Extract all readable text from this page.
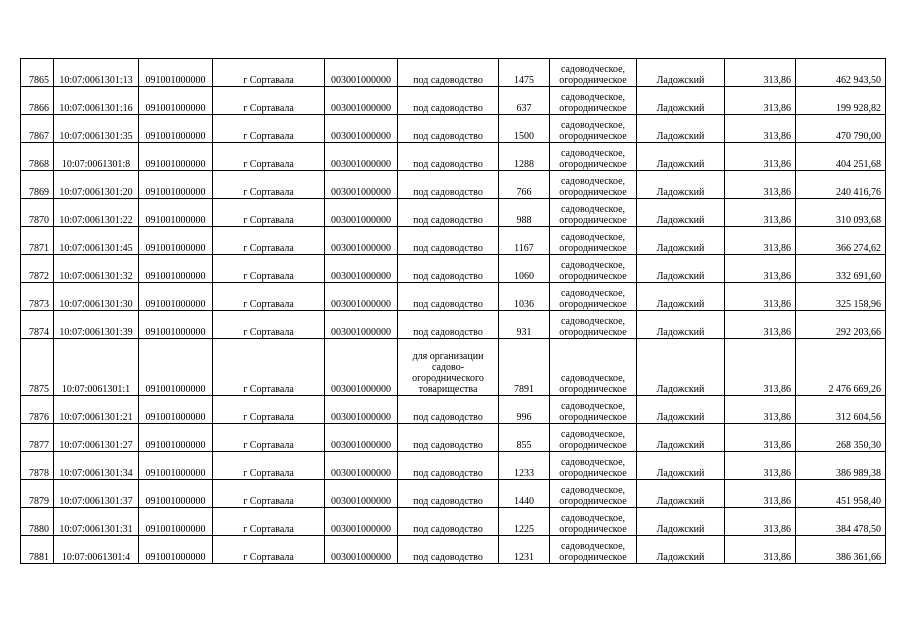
7865	10:07:0061301:13	091001000000	г Сортавала	003001000000	под садоводство	1475	садоводческое, огородническое	Ладожский	313,86	462 943,50
7866	10:07:0061301:16	091001000000	г Сортавала	003001000000	под садоводство	637	садоводческое, огородническое	Ладожский	313,86	199 928,82
7867	10:07:0061301:35	091001000000	г Сортавала	003001000000	под садоводство	1500	садоводческое, огородническое	Ладожский	313,86	470 790,00
7868	10:07:0061301:8	091001000000	г Сортавала	003001000000	под садоводство	1288	садоводческое, огородническое	Ладожский	313,86	404 251,68
7869	10:07:0061301:20	091001000000	г Сортавала	003001000000	под садоводство	766	садоводческое, огородническое	Ладожский	313,86	240 416,76
7870	10:07:0061301:22	091001000000	г Сортавала	003001000000	под садоводство	988	садоводческое, огородническое	Ладожский	313,86	310 093,68
7871	10:07:0061301:45	091001000000	г Сортавала	003001000000	под садоводство	1167	садоводческое, огородническое	Ладожский	313,86	366 274,62
7872	10:07:0061301:32	091001000000	г Сортавала	003001000000	под садоводство	1060	садоводческое, огородническое	Ладожский	313,86	332 691,60
7873	10:07:0061301:30	091001000000	г Сортавала	003001000000	под садоводство	1036	садоводческое, огородническое	Ладожский	313,86	325 158,96
7874	10:07:0061301:39	091001000000	г Сортавала	003001000000	под садоводство	931	садоводческое, огородническое	Ладожский	313,86	292 203,66
7875	10:07:0061301:1	091001000000	г Сортавала	003001000000	для организации садово-огороднического товарищества	7891	садоводческое, огородническое	Ладожский	313,86	2 476 669,26
7876	10:07:0061301:21	091001000000	г Сортавала	003001000000	под садоводство	996	садоводческое, огородническое	Ладожский	313,86	312 604,56
7877	10:07:0061301:27	091001000000	г Сортавала	003001000000	под садоводство	855	садоводческое, огородническое	Ладожский	313,86	268 350,30
7878	10:07:0061301:34	091001000000	г Сортавала	003001000000	под садоводство	1233	садоводческое, огородническое	Ладожский	313,86	386 989,38
7879	10:07:0061301:37	091001000000	г Сортавала	003001000000	под садоводство	1440	садоводческое, огородническое	Ладожский	313,86	451 958,40
7880	10:07:0061301:31	091001000000	г Сортавала	003001000000	под садоводство	1225	садоводческое, огородническое	Ладожский	313,86	384 478,50
7881	10:07:0061301:4	091001000000	г Сортавала	003001000000	под садоводство	1231	садоводческое, огородническое	Ладожский	313,86	386 361,66
